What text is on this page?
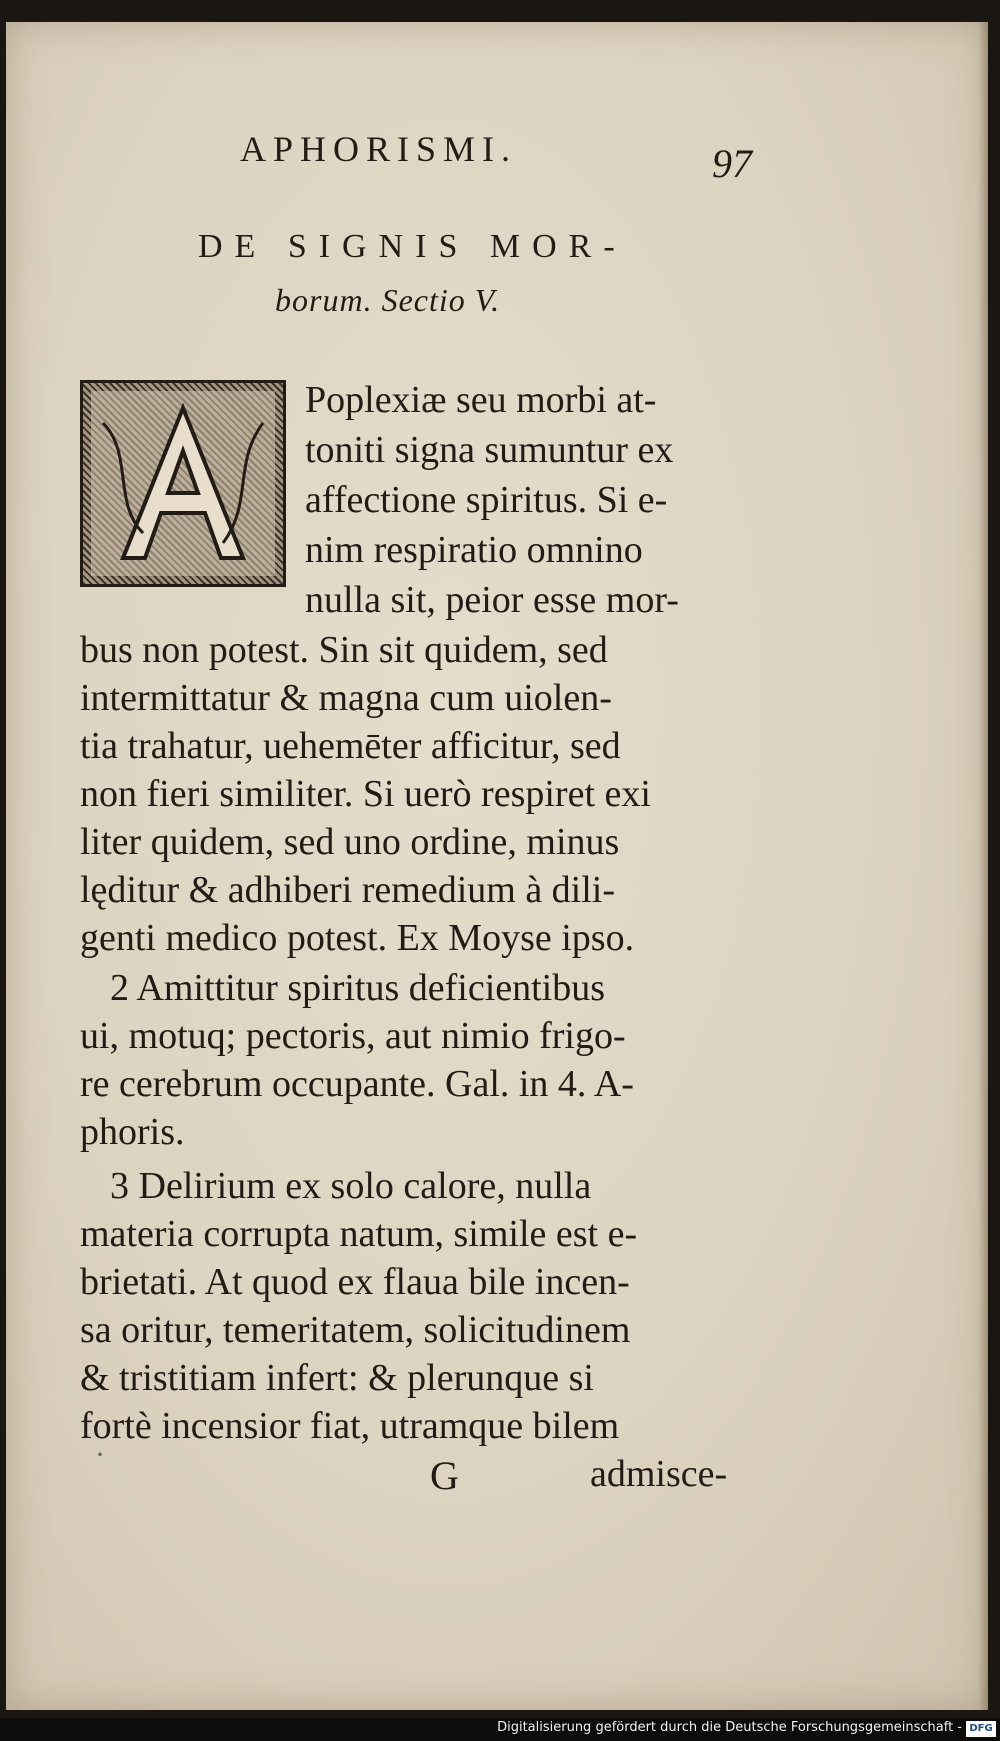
APHORISMI.	97
DE SIGNIS MOR-
borum. Sectio V.
Poplexiæ seu morbi at-
toniti signa sumuntur ex
affectione spiritus. Si e-
nim respiratio omnino
nulla sit, peior esse mor-
bus non potest. Sin sit quidem, sed
intermittatur & magna cum uiolen-
tia trahatur, uehemēter afficitur, sed
non fieri similiter. Si uerò respiret exi
liter quidem, sed uno ordine, minus
lęditur & adhiberi remedium à dili-
genti medico potest. Ex Moyse ipso.
2 Amittitur spiritus deficientibus
ui, motuq; pectoris, aut nimio frigo-
re cerebrum occupante. Gal. in 4. A-
phoris.
3 Delirium ex solo calore, nulla
materia corrupta natum, simile est e-
brietati. At quod ex flaua bile incen-
sa oritur, temeritatem, solicitudinem
& tristitiam infert: & plerunque si
fortè incensior fiat, utramque bilem
·	G	admisce-
Digitalisierung gefördert durch die Deutsche Forschungsgemeinschaft - DFG
